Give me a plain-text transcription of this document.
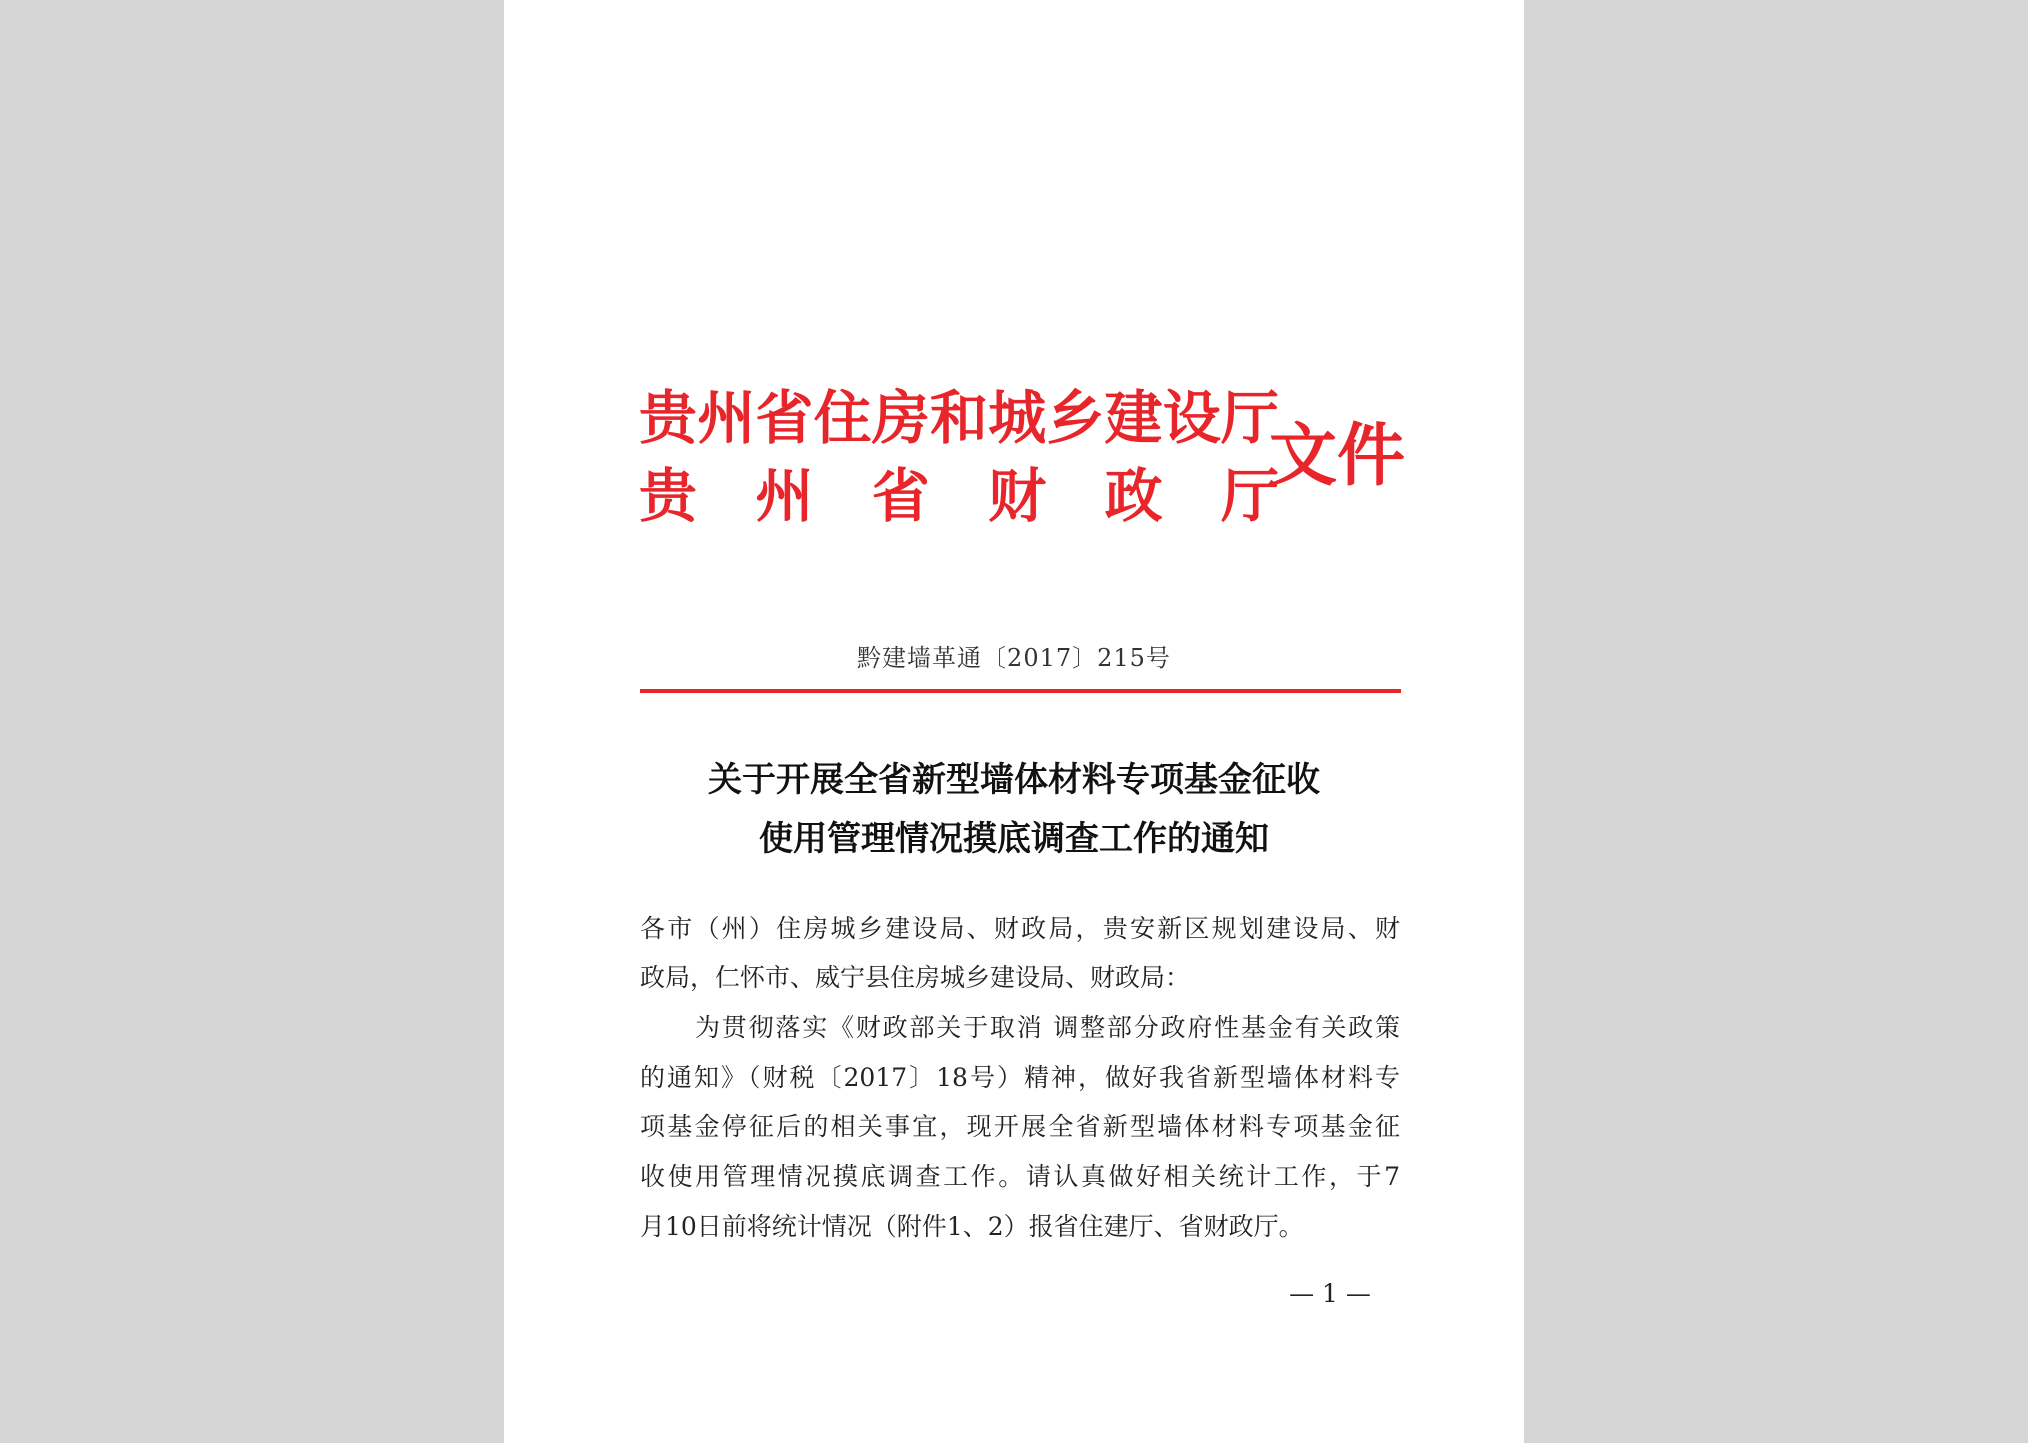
贵 州 省 住 房 和 城 乡 建 设 厅
贵 州 省 财 政 厅
文件
黔建墙革通〔2017〕215号
关于开展全省新型墙体材料专项基金征收
使用管理情况摸底调查工作的通知
各市（州）住房城乡建设局、财政局，贵安新区规划建设局、财
政局，仁怀市、威宁县住房城乡建设局、财政局：
为贯彻落实《财政部关于取消 调整部分政府性基金有关政策
的通知》（财税〔2017〕18号）精神，做好我省新型墙体材料专
项基金停征后的相关事宜，现开展全省新型墙体材料专项基金征
收使用管理情况摸底调查工作。请认真做好相关统计工作，于7
月10日前将统计情况（附件1、2）报省住建厅、省财政厅。
— 1 —
